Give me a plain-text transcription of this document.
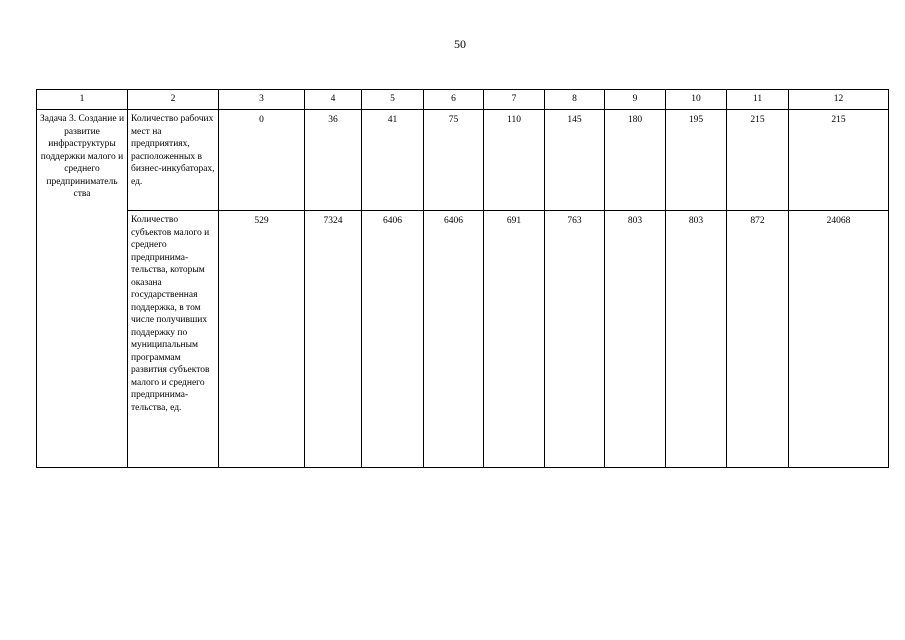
50
1	2	3	4	5	6	7	8	9	10	11	12
Задача 3. Создание и развитие инфраструктуры поддержки малого и среднего предприниматель ства	Количество рабочих мест на предприятиях, расположенных в бизнес-инкубаторах, ед.	0	36	41	75	110	145	180	195	215	215
	Количество субъектов малого и среднего предпринима-тельства, которым оказана государственная поддержка, в том числе получивших поддержку по муниципальным программам развития субъектов малого и среднего предпринима-тельства, ед.	529	7324	6406	6406	691	763	803	803	872	24068
